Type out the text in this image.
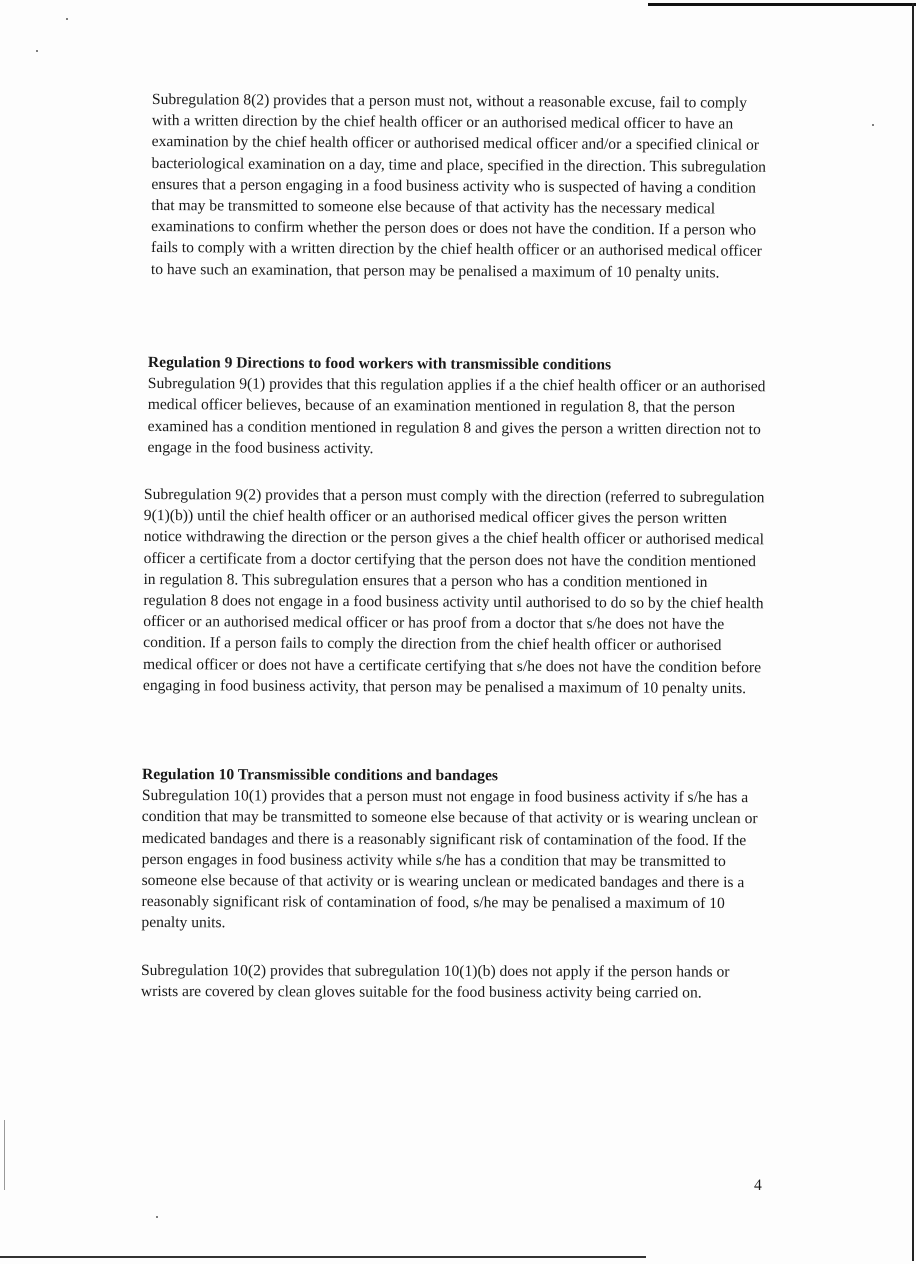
Subregulation 8(2) provides that a person must not, without a reasonable excuse, fail to comply with a written direction by the chief health officer or an authorised medical officer to have an examination by the chief health officer or authorised medical officer and/or a specified clinical or bacteriological examination on a day, time and place, specified in the direction. This subregulation ensures that a person engaging in a food business activity who is suspected of having a condition that may be transmitted to someone else because of that activity has the necessary medical examinations to confirm whether the person does or does not have the condition. If a person who fails to comply with a written direction by the chief health officer or an authorised medical officer to have such an examination, that person may be penalised a maximum of 10 penalty units.

Regulation 9 Directions to food workers with transmissible conditions

Subregulation 9(1) provides that this regulation applies if a the chief health officer or an authorised medical officer believes, because of an examination mentioned in regulation 8, that the person examined has a condition mentioned in regulation 8 and gives the person a written direction not to engage in the food business activity.

Subregulation 9(2) provides that a person must comply with the direction (referred to subregulation 9(1)(b)) until the chief health officer or an authorised medical officer gives the person written notice withdrawing the direction or the person gives a the chief health officer or authorised medical officer a certificate from a doctor certifying that the person does not have the condition mentioned in regulation 8. This subregulation ensures that a person who has a condition mentioned in regulation 8 does not engage in a food business activity until authorised to do so by the chief health officer or an authorised medical officer or has proof from a doctor that s/he does not have the condition. If a person fails to comply the direction from the chief health officer or authorised medical officer or does not have a certificate certifying that s/he does not have the condition before engaging in food business activity, that person may be penalised a maximum of 10 penalty units.

Regulation 10 Transmissible conditions and bandages

Subregulation 10(1) provides that a person must not engage in food business activity if s/he has a condition that may be transmitted to someone else because of that activity or is wearing unclean or medicated bandages and there is a reasonably significant risk of contamination of the food. If the person engages in food business activity while s/he has a condition that may be transmitted to someone else because of that activity or is wearing unclean or medicated bandages and there is a reasonably significant risk of contamination of food, s/he may be penalised a maximum of 10 penalty units.

Subregulation 10(2) provides that subregulation 10(1)(b) does not apply if the person hands or wrists are covered by clean gloves suitable for the food business activity being carried on.

4
